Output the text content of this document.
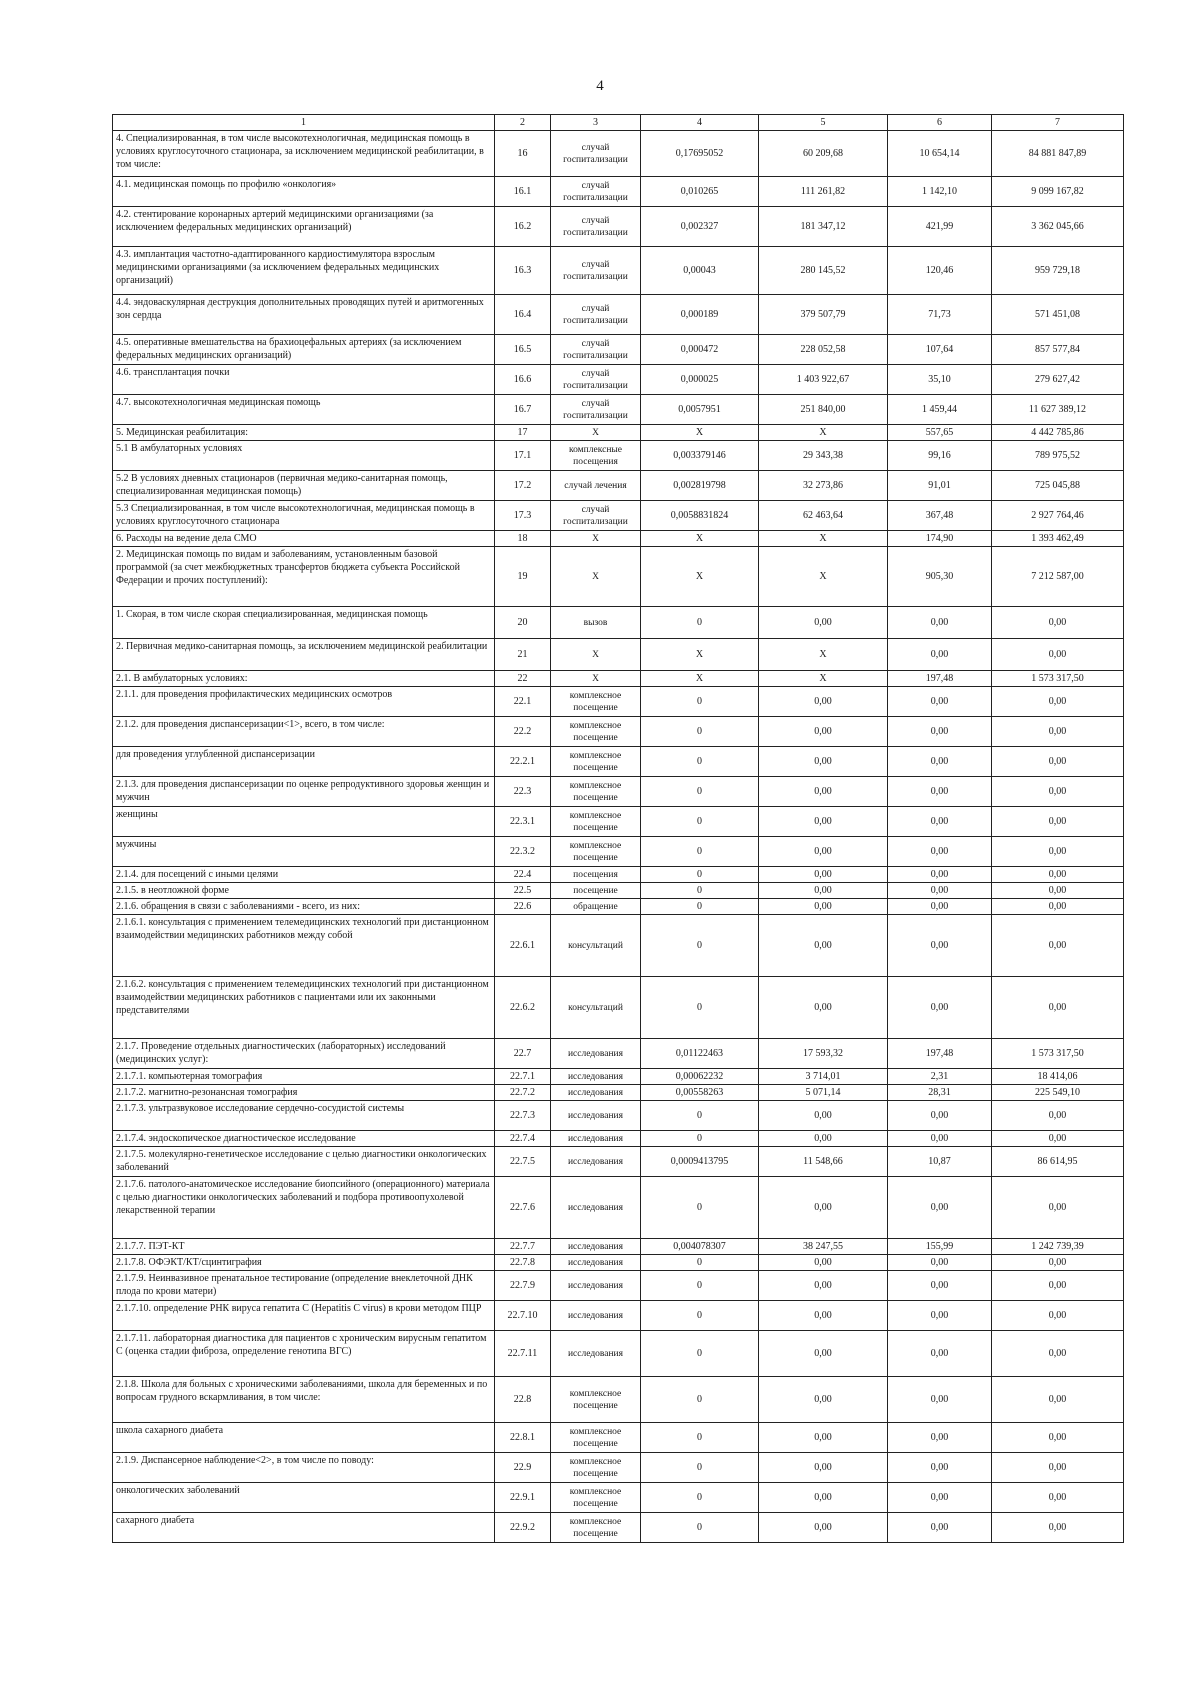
4
1	2	3	4	5	6	7
4. Специализированная, в том числе высокотехнологичная, медицинская помощь в условиях круглосуточного стационара, за исключением медицинской реабилитации, в том числе:	16	случай госпитализации	0,17695052	60 209,68	10 654,14	84 881 847,89
4.1. медицинская помощь по профилю «онкология»	16.1	случай госпитализации	0,010265	111 261,82	1 142,10	9 099 167,82
4.2. стентирование коронарных артерий медицинскими организациями (за исключением федеральных медицинских организаций)	16.2	случай госпитализации	0,002327	181 347,12	421,99	3 362 045,66
4.3. имплантация частотно-адаптированного кардиостимулятора взрослым медицинскими организациями (за исключением федеральных медицинских организаций)	16.3	случай госпитализации	0,00043	280 145,52	120,46	959 729,18
4.4. эндоваскулярная деструкция дополнительных проводящих путей и аритмогенных зон сердца	16.4	случай госпитализации	0,000189	379 507,79	71,73	571 451,08
4.5. оперативные вмешательства на брахиоцефальных артериях (за исключением федеральных медицинских организаций)	16.5	случай госпитализации	0,000472	228 052,58	107,64	857 577,84
4.6. трансплантация почки	16.6	случай госпитализации	0,000025	1 403 922,67	35,10	279 627,42
4.7. высокотехнологичная медицинская помощь	16.7	случай госпитализации	0,0057951	251 840,00	1 459,44	11 627 389,12
5. Медицинская реабилитация:	17	Х	Х	Х	557,65	4 442 785,86
5.1 В амбулаторных условиях	17.1	комплексные посещения	0,003379146	29 343,38	99,16	789 975,52
5.2 В условиях дневных стационаров (первичная медико-санитарная помощь, специализированная медицинская помощь)	17.2	случай лечения	0,002819798	32 273,86	91,01	725 045,88
5.3 Специализированная, в том числе высокотехнологичная, медицинская помощь в условиях круглосуточного стационара	17.3	случай госпитализации	0,0058831824	62 463,64	367,48	2 927 764,46
6. Расходы на ведение дела СМО	18	Х	Х	Х	174,90	1 393 462,49
2. Медицинская помощь по видам и заболеваниям, установленным базовой программой (за счет межбюджетных трансфертов бюджета субъекта Российской Федерации и прочих поступлений):	19	Х	Х	Х	905,30	7 212 587,00
1. Скорая, в том числе скорая специализированная, медицинская помощь	20	вызов	0	0,00	0,00	0,00
2. Первичная медико-санитарная помощь, за исключением медицинской реабилитации	21	Х	Х	Х	0,00	0,00
2.1. В амбулаторных условиях:	22	Х	Х	Х	197,48	1 573 317,50
2.1.1. для проведения профилактических медицинских осмотров	22.1	комплексное посещение	0	0,00	0,00	0,00
2.1.2. для проведения диспансеризации<1>, всего, в том числе:	22.2	комплексное посещение	0	0,00	0,00	0,00
для проведения углубленной диспансеризации	22.2.1	комплексное посещение	0	0,00	0,00	0,00
2.1.3. для проведения диспансеризации по оценке репродуктивного здоровья женщин и мужчин	22.3	комплексное посещение	0	0,00	0,00	0,00
женщины	22.3.1	комплексное посещение	0	0,00	0,00	0,00
мужчины	22.3.2	комплексное посещение	0	0,00	0,00	0,00
2.1.4. для посещений с иными целями	22.4	посещения	0	0,00	0,00	0,00
2.1.5. в неотложной форме	22.5	посещение	0	0,00	0,00	0,00
2.1.6. обращения в связи с заболеваниями - всего, из них:	22.6	обращение	0	0,00	0,00	0,00
2.1.6.1. консультация с применением телемедицинских технологий при дистанционном взаимодействии медицинских работников между собой	22.6.1	консультаций	0	0,00	0,00	0,00
2.1.6.2. консультация с применением телемедицинских технологий при дистанционном взаимодействии медицинских работников с пациентами или их законными представителями	22.6.2	консультаций	0	0,00	0,00	0,00
2.1.7. Проведение отдельных диагностических (лабораторных) исследований (медицинских услуг):	22.7	исследования	0,01122463	17 593,32	197,48	1 573 317,50
2.1.7.1. компьютерная томография	22.7.1	исследования	0,00062232	3 714,01	2,31	18 414,06
2.1.7.2. магнитно-резонансная томография	22.7.2	исследования	0,00558263	5 071,14	28,31	225 549,10
2.1.7.3. ультразвуковое исследование сердечно-сосудистой системы	22.7.3	исследования	0	0,00	0,00	0,00
2.1.7.4. эндоскопическое диагностическое исследование	22.7.4	исследования	0	0,00	0,00	0,00
2.1.7.5. молекулярно-генетическое исследование с целью диагностики онкологических заболеваний	22.7.5	исследования	0,0009413795	11 548,66	10,87	86 614,95
2.1.7.6. патолого-анатомическое исследование биопсийного (операционного) материала с целью диагностики онкологических заболеваний и подбора противоопухолевой лекарственной терапии	22.7.6	исследования	0	0,00	0,00	0,00
2.1.7.7. ПЭТ-КТ	22.7.7	исследования	0,004078307	38 247,55	155,99	1 242 739,39
2.1.7.8. ОФЭКТ/КТ/сцинтиграфия	22.7.8	исследования	0	0,00	0,00	0,00
2.1.7.9. Неинвазивное пренатальное тестирование (определение внеклеточной ДНК плода по крови матери)	22.7.9	исследования	0	0,00	0,00	0,00
2.1.7.10. определение РНК вируса гепатита С (Hepatitis C virus) в крови методом ПЦР	22.7.10	исследования	0	0,00	0,00	0,00
2.1.7.11. лабораторная диагностика для пациентов с хроническим вирусным гепатитом С (оценка стадии фиброза, определение генотипа ВГС)	22.7.11	исследования	0	0,00	0,00	0,00
2.1.8. Школа для больных с хроническими заболеваниями, школа для беременных и по вопросам грудного вскармливания, в том числе:	22.8	комплексное посещение	0	0,00	0,00	0,00
школа сахарного диабета	22.8.1	комплексное посещение	0	0,00	0,00	0,00
2.1.9. Диспансерное наблюдение<2>, в том числе по поводу:	22.9	комплексное посещение	0	0,00	0,00	0,00
онкологических заболеваний	22.9.1	комплексное посещение	0	0,00	0,00	0,00
сахарного диабета	22.9.2	комплексное посещение	0	0,00	0,00	0,00
